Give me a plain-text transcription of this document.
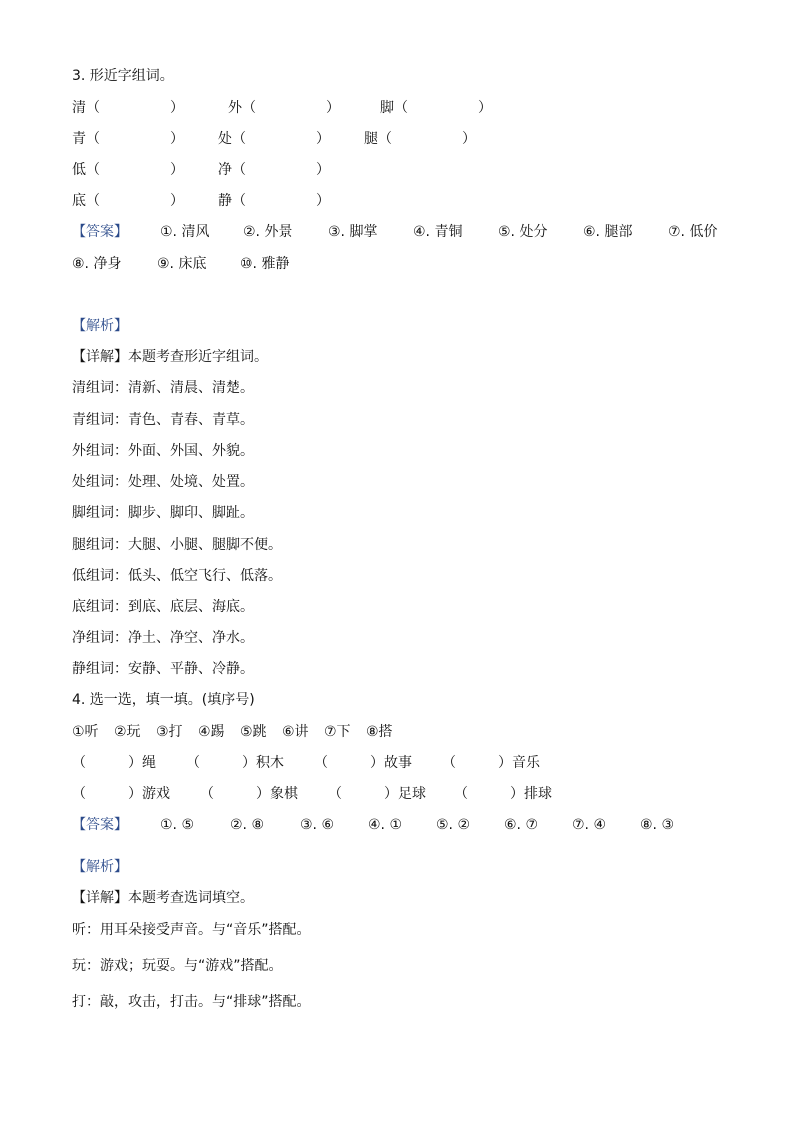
3. 形近字组词。
清（　　　　　）	外（　　　　　）	脚（　　　　　）
青（　　　　　） 处（　　　　　） 腿（　　　　　）
低（　　　　　） 净（　　　　　）
底（　　　　　） 静（　　　　　）
【答案】 ①. 清风 ②. 外景	③. 脚掌	④. 青铜	⑤. 处分	⑥. 腿部	⑦. 低价
⑧. 净身	⑨. 床底 ⑩. 雅静
【解析】
【详解】本题考查形近字组词。
清组词：清新、清晨、清楚。
青组词：青色、青春、青草。
外组词：外面、外国、外貌。
处组词：处理、处境、处置。
脚组词：脚步、脚印、脚趾。
腿组词：大腿、小腿、腿脚不便。
低组词：低头、低空飞行、低落。
底组词：到底、底层、海底。
净组词：净土、净空、净水。
静组词：安静、平静、冷静。
4. 选一选，填一填。(填序号)
①听 ②玩 ③打 ④踢 ⑤跳 ⑥讲 ⑦下 ⑧搭
（　　　）绳 （　　　）积木 （　　　）故事 （　　　）音乐
（　　　）游戏 （　　　）象棋 （　　　）足球 （　　　）排球
【答案】 ①. ⑤	②. ⑧	③. ⑥ ④. ① ⑤. ② ⑥. ⑦ ⑦. ④ ⑧. ③
【解析】
【详解】本题考查选词填空。
听：用耳朵接受声音。与“音乐”搭配。
玩：游戏；玩耍。与“游戏”搭配。
打：敲，攻击，打击。与“排球”搭配。
